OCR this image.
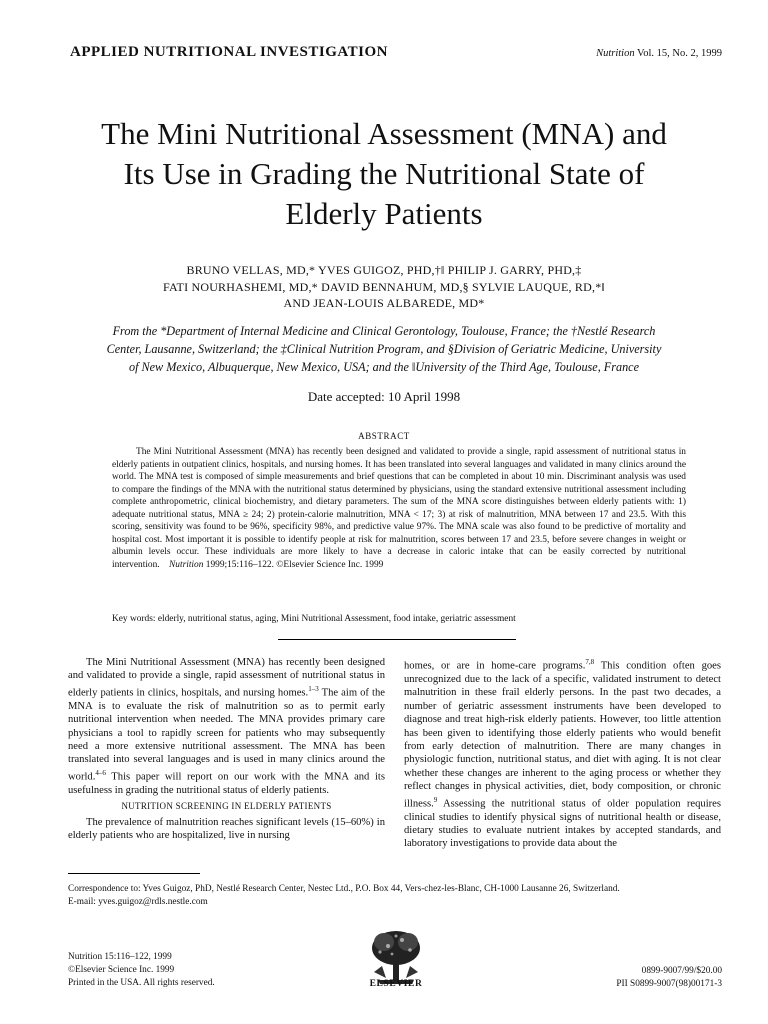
APPLIED NUTRITIONAL INVESTIGATION	Nutrition Vol. 15, No. 2, 1999
The Mini Nutritional Assessment (MNA) and
Its Use in Grading the Nutritional State of
Elderly Patients
BRUNO VELLAS, MD,* YVES GUIGOZ, PHD,†‖ PHILIP J. GARRY, PHD,‡
FATI NOURHASHEMI, MD,* DAVID BENNAHUM, MD,§ SYLVIE LAUQUE, RD,*‖
AND JEAN-LOUIS ALBAREDE, MD*
From the *Department of Internal Medicine and Clinical Gerontology, Toulouse, France; the †Nestlé Research
Center, Lausanne, Switzerland; the ‡Clinical Nutrition Program, and §Division of Geriatric Medicine, University
of New Mexico, Albuquerque, New Mexico, USA; and the ‖University of the Third Age, Toulouse, France
Date accepted: 10 April 1998
ABSTRACT

The Mini Nutritional Assessment (MNA) has recently been designed and validated to provide a single, rapid assessment of nutritional status in elderly patients in outpatient clinics, hospitals, and nursing homes. It has been translated into several languages and validated in many clinics around the world. The MNA test is composed of simple measurements and brief questions that can be completed in about 10 min. Discriminant analysis was used to compare the findings of the MNA with the nutritional status determined by physicians, using the standard extensive nutritional assessment including complete anthropometric, clinical biochemistry, and dietary parameters. The sum of the MNA score distinguishes between elderly patients with: 1) adequate nutritional status, MNA ≥ 24; 2) protein-calorie malnutrition, MNA < 17; 3) at risk of malnutrition, MNA between 17 and 23.5. With this scoring, sensitivity was found to be 96%, specificity 98%, and predictive value 97%. The MNA scale was also found to be predictive of mortality and hospital cost. Most important it is possible to identify people at risk for malnutrition, scores between 17 and 23.5, before severe changes in weight or albumin levels occur. These individuals are more likely to have a decrease in caloric intake that can be easily corrected by nutritional intervention. Nutrition 1999;15:116–122. ©Elsevier Science Inc. 1999

Key words: elderly, nutritional status, aging, Mini Nutritional Assessment, food intake, geriatric assessment

The Mini Nutritional Assessment (MNA) has recently been designed and validated to provide a single, rapid assessment of nutritional status in elderly patients in clinics, hospitals, and nursing homes.$^{1-3}$ The aim of the MNA is to evaluate the risk of malnutrition so as to permit early nutritional intervention when needed. The MNA provides primary care physicians a tool to rapidly screen for patients who may subsequently need a more extensive nutritional assessment. The MNA has been translated into several languages and is used in many clinics around the world.$^{4-6}$ This paper will report on our work with the MNA and its usefulness in grading the nutritional status of elderly patients.

NUTRITION SCREENING IN ELDERLY PATIENTS

The prevalence of malnutrition reaches significant levels (15–60%) in elderly patients who are hospitalized, live in nursing

homes, or are in home-care programs.$^{7,8}$ This condition often goes unrecognized due to the lack of a specific, validated instrument to detect malnutrition in these frail elderly persons. In the past two decades, a number of geriatric assessment instruments have been developed to diagnose and treat high-risk elderly patients. However, too little attention has been given to identifying those elderly patients who would benefit from early detection of malnutrition. There are many changes in physiologic function, nutritional status, and diet with aging. It is not clear whether these changes are inherent to the aging process or whether they reflect changes in physical activities, diet, body composition, or chronic illness.$^9$ Assessing the nutritional status of older population requires clinical studies to identify physical signs of nutritional health or disease, dietary studies to evaluate nutrient intakes by accepted standards, and laboratory investigations to provide data about the

Correspondence to: Yves Guigoz, PhD, Nestlé Research Center, Nestec Ltd., P.O. Box 44, Vers-chez-les-Blanc, CH-1000 Lausanne 26, Switzerland.
E-mail: yves.guigoz@rdls.nestle.com
Nutrition 15:116–122, 1999
©Elsevier Science Inc. 1999
Printed in the USA. All rights reserved.	ELSEVIER
0899-9007/99/$20.00
PII S0899-9007(98)00171-3
